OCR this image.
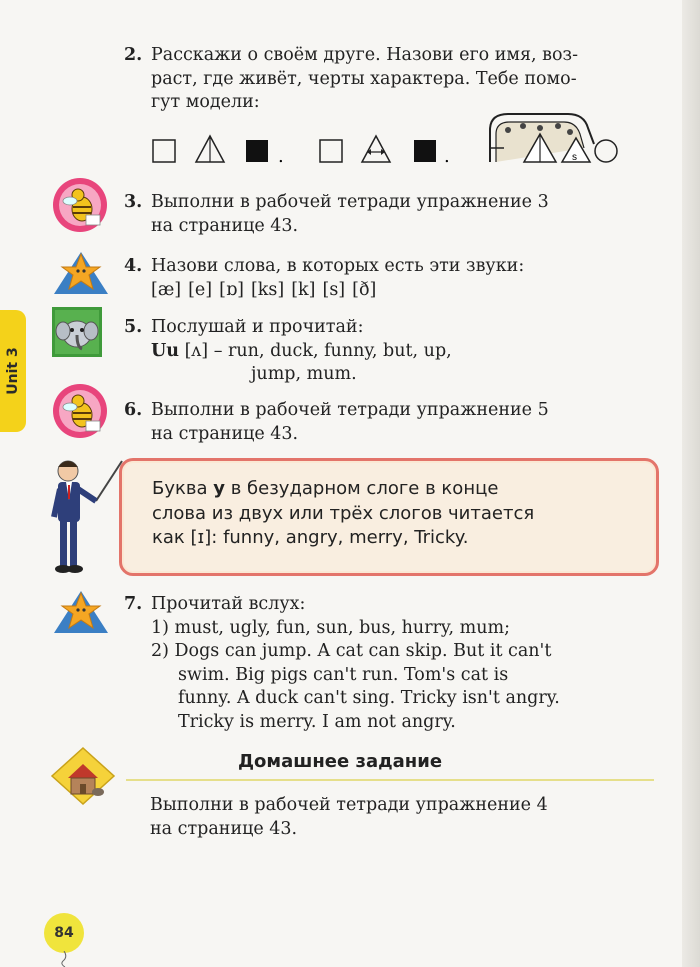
Unit 3
2. Расскажи о своём друге. Назови его имя, воз-
раст, где живёт, черты характера. Тебе помо-
гут модели:
s
.	.
3. Выполни в рабочей тетради упражнение 3
на странице 43.
4. Назови слова, в которых есть эти звуки:
[æ] [e] [ɒ] [ks] [k] [s] [ð]
5. Послушай и прочитай:
Uu [ʌ] – run, duck, funny, but, up,
jump, mum.
6. Выполни в рабочей тетради упражнение 5
на странице 43.
Буква y в безударном слоге в конце
слова из двух или трёх слогов читается
как [ɪ]: funny, angry, merry, Tricky.
7. Прочитай вслух:
1) must, ugly, fun, sun, bus, hurry, mum;
2) Dogs can jump. A cat can skip. But it can't
swim. Big pigs can't run. Tom's cat is
funny. A duck can't sing. Tricky isn't angry.
Tricky is merry. I am not angry.
Домашнее задание
Выполни в рабочей тетради упражнение 4
на странице 43.
84
